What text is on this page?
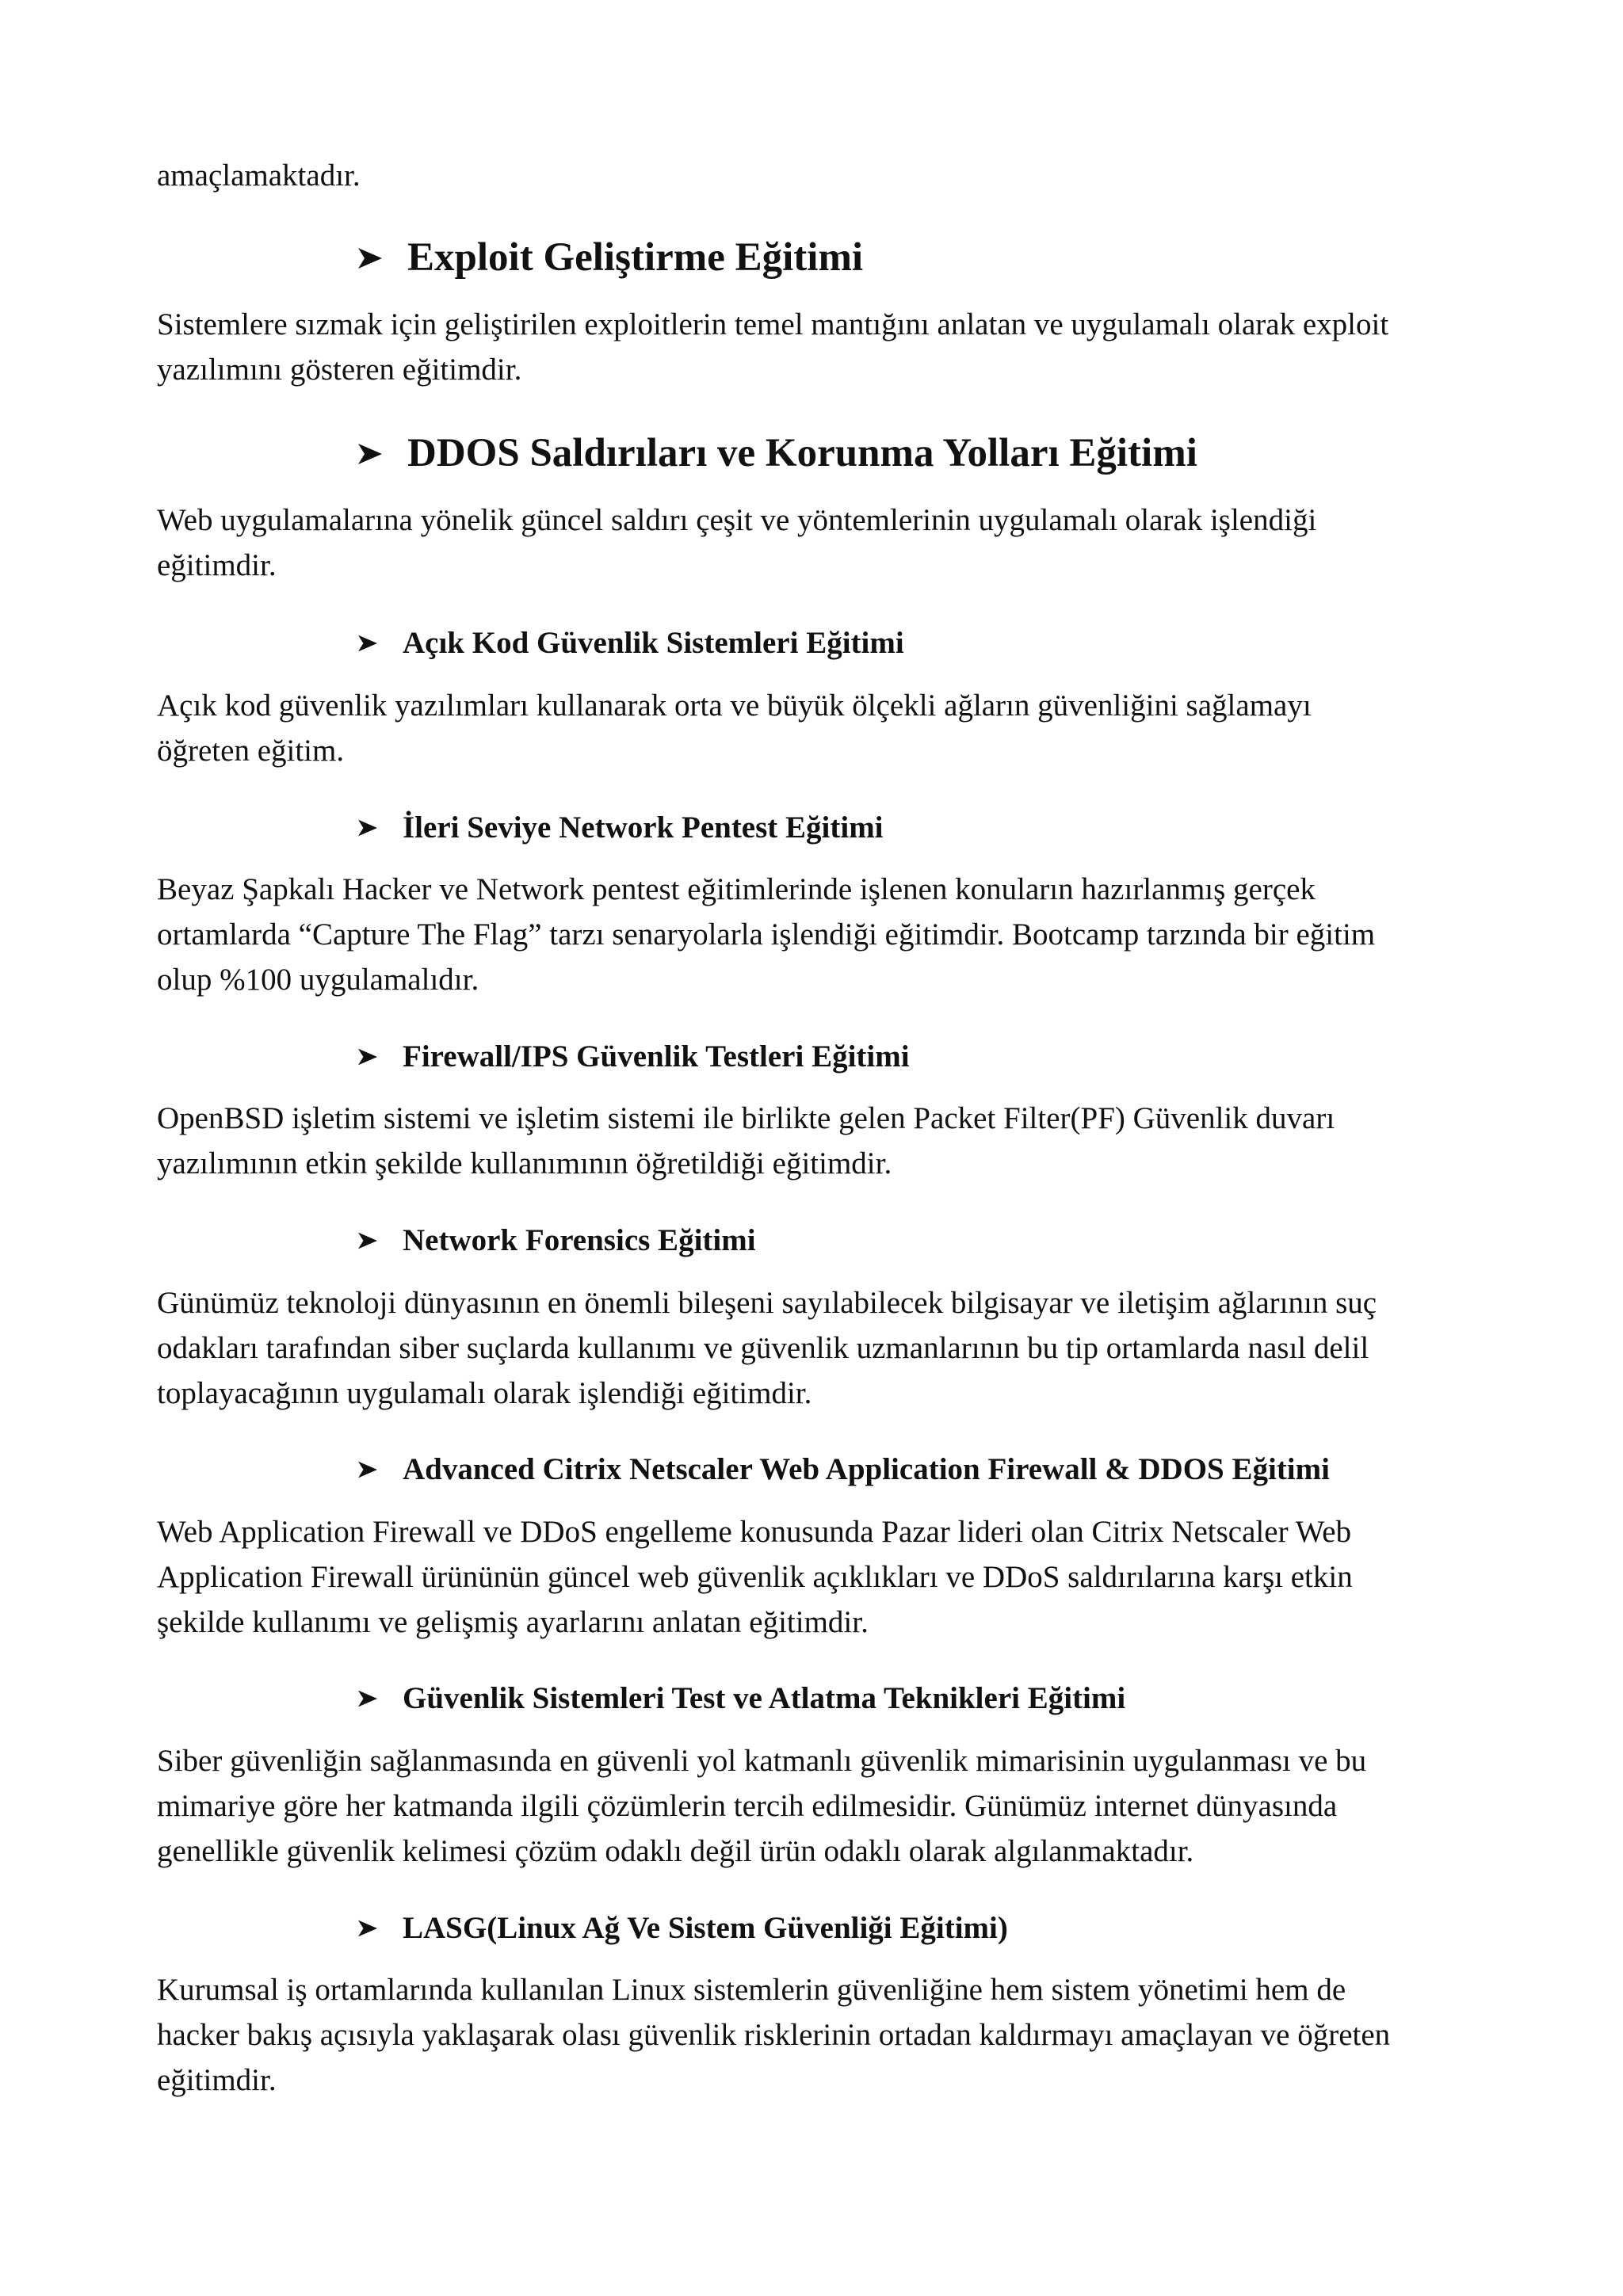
amaçlamaktadır.

Exploit Geliştirme Eğitimi

Sistemlere sızmak için geliştirilen exploitlerin temel mantığını anlatan ve uygulamalı olarak exploit
yazılımını gösteren eğitimdir.

DDOS Saldırıları ve Korunma Yolları Eğitimi

Web uygulamalarına yönelik güncel saldırı çeşit ve yöntemlerinin uygulamalı olarak işlendiği
eğitimdir.

Açık Kod Güvenlik Sistemleri Eğitimi

Açık kod güvenlik yazılımları kullanarak orta ve büyük ölçekli ağların güvenliğini sağlamayı
öğreten eğitim.

İleri Seviye Network Pentest Eğitimi

Beyaz Şapkalı Hacker ve Network pentest eğitimlerinde işlenen konuların hazırlanmış gerçek
ortamlarda “Capture The Flag” tarzı senaryolarla işlendiği eğitimdir. Bootcamp tarzında bir eğitim
olup %100 uygulamalıdır.

Firewall/IPS Güvenlik Testleri Eğitimi

OpenBSD işletim sistemi ve işletim sistemi ile birlikte gelen Packet Filter(PF) Güvenlik duvarı
yazılımının etkin şekilde kullanımının öğretildiği eğitimdir.

Network Forensics Eğitimi

Günümüz teknoloji dünyasının en önemli bileşeni sayılabilecek bilgisayar ve iletişim ağlarının suç
odakları tarafından siber suçlarda kullanımı ve güvenlik uzmanlarının bu tip ortamlarda nasıl delil
toplayacağının uygulamalı olarak işlendiği eğitimdir.

Advanced Citrix Netscaler Web Application Firewall & DDOS Eğitimi

Web Application Firewall ve DDoS engelleme konusunda Pazar lideri olan Citrix Netscaler Web
Application Firewall ürününün güncel web güvenlik açıklıkları ve DDoS saldırılarına karşı etkin
şekilde kullanımı ve gelişmiş ayarlarını anlatan eğitimdir.

Güvenlik Sistemleri Test ve Atlatma Teknikleri Eğitimi

Siber güvenliğin sağlanmasında en güvenli yol katmanlı güvenlik mimarisinin uygulanması ve bu
mimariye göre her katmanda ilgili çözümlerin tercih edilmesidir. Günümüz internet dünyasında
genellikle güvenlik kelimesi çözüm odaklı değil ürün odaklı olarak algılanmaktadır.

LASG(Linux Ağ Ve Sistem Güvenliği Eğitimi)

Kurumsal iş ortamlarında kullanılan Linux sistemlerin güvenliğine hem sistem yönetimi hem de
hacker bakış açısıyla yaklaşarak olası güvenlik risklerinin ortadan kaldırmayı amaçlayan ve öğreten
eğitimdir.
